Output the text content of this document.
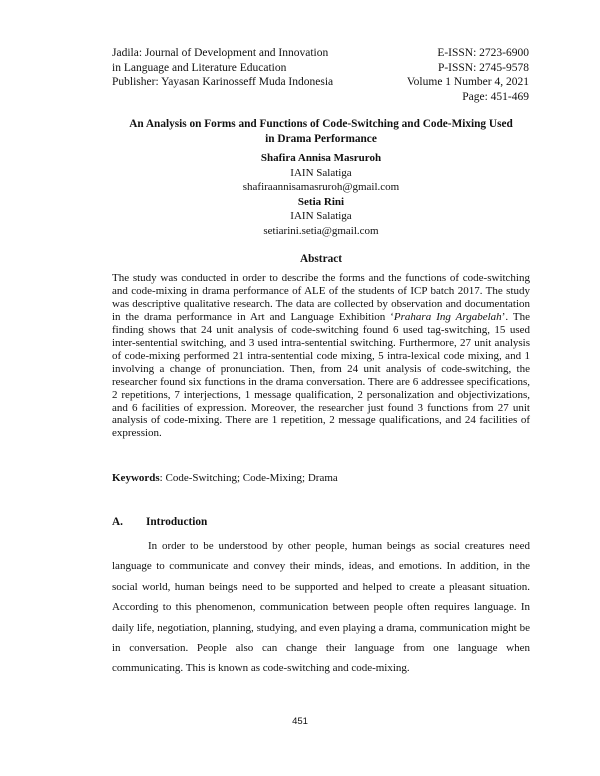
Jadila: Journal of Development and Innovation
in Language and Literature Education
Publisher: Yayasan Karinosseff Muda Indonesia
E-ISSN: 2723-6900
P-ISSN: 2745-9578
Volume 1 Number 4, 2021
Page: 451-469
An Analysis on Forms and Functions of Code-Switching and Code-Mixing Used
in Drama Performance
Shafira Annisa Masruroh
IAIN Salatiga
shafiraannisamasruroh@gmail.com
Setia Rini
IAIN Salatiga
setiarini.setia@gmail.com
Abstract
The study was conducted in order to describe the forms and the functions of code-switching and code-mixing in drama performance of ALE of the students of ICP batch 2017. The study was descriptive qualitative research. The data are collected by observation and documentation in the drama performance in Art and Language Exhibition ‘Prahara Ing Argabelah’. The finding shows that 24 unit analysis of code-switching found 6 used tag-switching, 15 used inter-sentential switching, and 3 used intra-sentential switching. Furthermore, 27 unit analysis of code-mixing performed 21 intra-sentential code mixing, 5 intra-lexical code mixing, and 1 involving a change of pronunciation. Then, from 24 unit analysis of code-switching, the researcher found six functions in the drama conversation. There are 6 addressee specifications, 2 repetitions, 7 interjections, 1 message qualification, 2 personalization and objectivizations, and 6 facilities of expression. Moreover, the researcher just found 3 functions from 27 unit analysis of code-mixing. There are 1 repetition, 2 message qualifications, and 24 facilities of expression.
Keywords: Code-Switching; Code-Mixing; Drama
A. Introduction
In order to be understood by other people, human beings as social creatures need language to communicate and convey their minds, ideas, and emotions. In addition, in the social world, human beings need to be supported and helped to create a pleasant situation. According to this phenomenon, communication between people often requires language. In daily life, negotiation, planning, studying, and even playing a drama, communication might be in conversation. People also can change their language from one language when communicating. This is known as code-switching and code-mixing.
451
